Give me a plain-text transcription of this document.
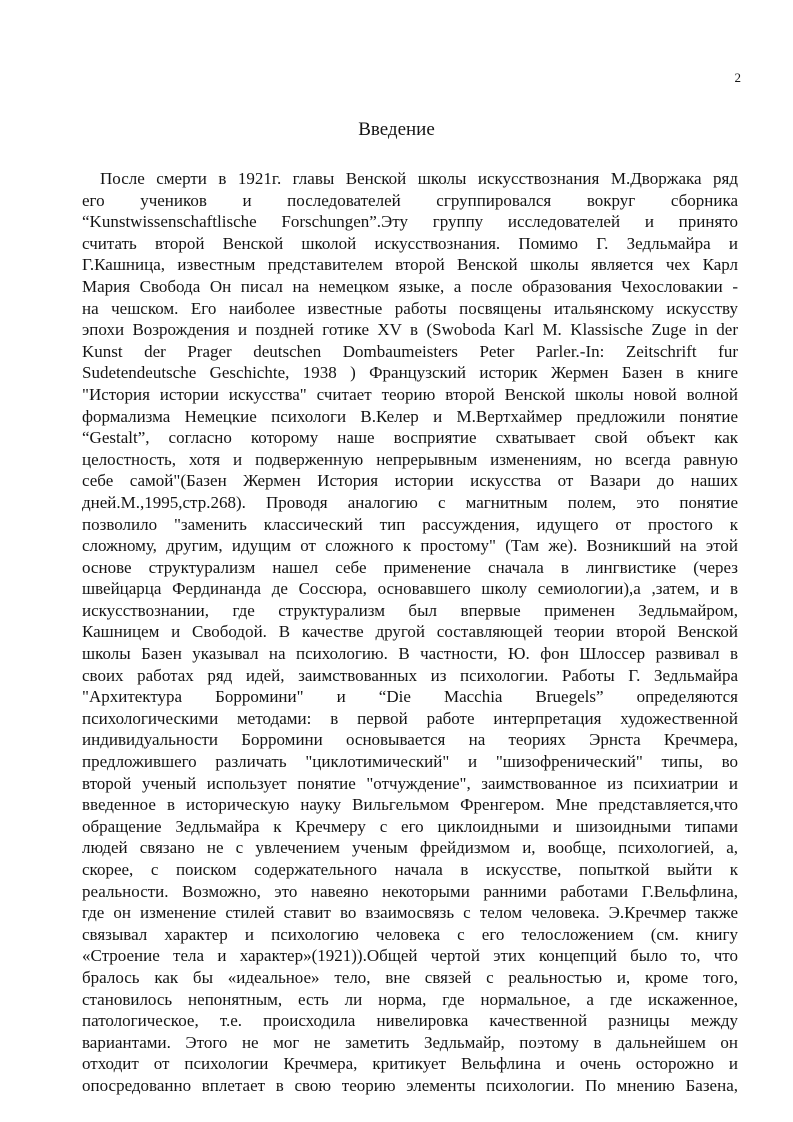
2
Введение
После смерти в 1921г. главы Венской школы искусствознания М.Дворжака ряд
его учеников и последователей сгруппировался вокруг сборника
“Kunstwissenschaftlische Forschungen”.Эту группу исследователей и принято
считать второй Венской школой искусствознания. Помимо Г. Зедльмайра и
Г.Кашница, известным представителем второй Венской школы является чех Карл
Мария Свобода Он писал на немецком языке, а после образования Чехословакии -
на чешском. Его наиболее известные работы посвящены итальянскому искусству
эпохи Возрождения и поздней готике XV в (Swoboda Karl M. Klassische Zuge in der
Kunst der Prager deutschen Dombaumeisters Peter Parler.-In: Zeitschrift fur
Sudetendeutsche Geschichte, 1938 ) Французский историк Жермен Базен в книге
"История истории искусства" считает теорию второй Венской школы новой волной
формализма Немецкие психологи В.Келер и М.Вертхаймер предложили понятие
“Gestalt”, согласно которому наше восприятие схватывает свой объект как
целостность, хотя и подверженную непрерывным изменениям, но всегда равную
себе самой"(Базен Жермен История истории искусства от Вазари до наших
дней.М.,1995,стр.268). Проводя аналогию с магнитным полем, это понятие
позволило "заменить классический тип рассуждения, идущего от простого к
сложному, другим, идущим от сложного к простому" (Там же). Возникший на этой
основе структурализм нашел себе применение сначала в лингвистике (через
швейцарца Фердинанда де Соссюра, основавшего школу семиологии),а ,затем, и в
искусствознании, где структурализм был впервые применен Зедльмайром,
Кашницем и Свободой. В качестве другой составляющей теории второй Венской
школы Базен указывал на психологию. В частности, Ю. фон Шлоссер развивал в
своих работах ряд идей, заимствованных из психологии. Работы Г. Зедльмайра
"Архитектура Борромини" и “Die Macchia Bruegels” определяются
психологическими методами: в первой работе интерпретация художественной
индивидуальности Борромини основывается на теориях Эрнста Кречмера,
предложившего различать "циклотимический" и "шизофренический" типы, во
второй ученый использует понятие "отчуждение", заимствованное из психиатрии и
введенное в историческую науку Вильгельмом Френгером. Мне представляется,что
обращение Зедльмайра к Кречмеру с его циклоидными и шизоидными типами
людей связано не с увлечением ученым фрейдизмом и, вообще, психологией, а,
скорее, с поиском содержательного начала в искусстве, попыткой выйти к
реальности. Возможно, это навеяно некоторыми ранними работами Г.Вельфлина,
где он изменение стилей ставит во взаимосвязь с телом человека. Э.Кречмер также
связывал характер и психологию человека с его телосложением (см. книгу
«Строение тела и характер»(1921)).Общей чертой этих концепций было то, что
бралось как бы «идеальное» тело, вне связей с реальностью и, кроме того,
становилось непонятным, есть ли норма, где нормальное, а где искаженное,
патологическое, т.е. происходила нивелировка качественной разницы между
вариантами. Этого не мог не заметить Зедльмайр, поэтому в дальнейшем он
отходит от психологии Кречмера, критикует Вельфлина и очень осторожно и
опосредованно вплетает в свою теорию элементы психологии. По мнению Базена,
